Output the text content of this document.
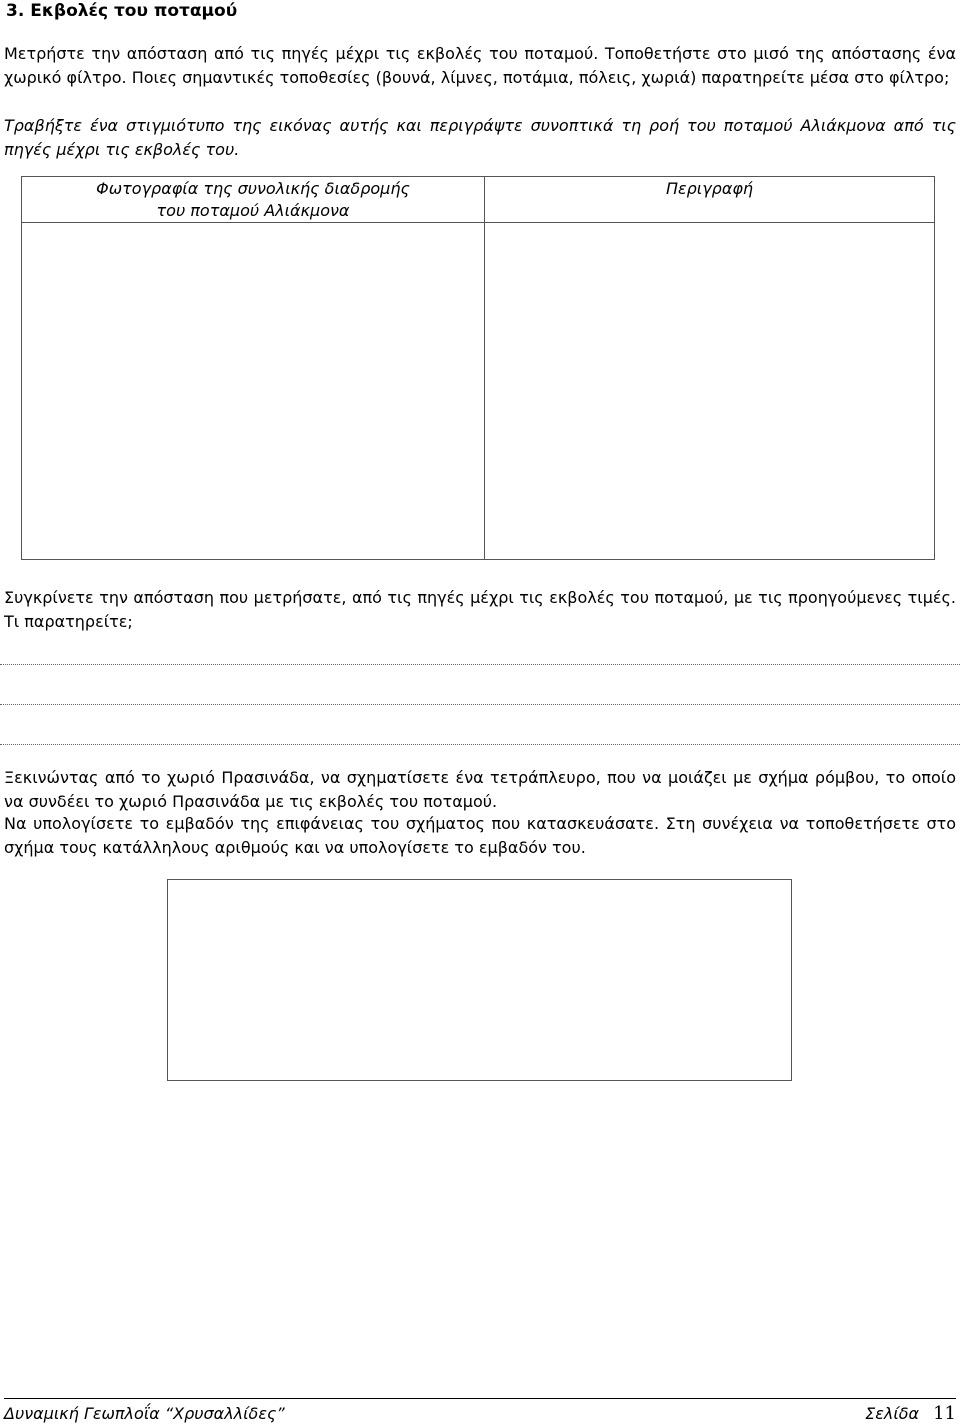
3. Εκβολές του ποταμού
Μετρήστε την απόσταση από τις πηγές μέχρι τις εκβολές του ποταμού. Τοποθετήστε στο μισό της απόστασης ένα χωρικό φίλτρο. Ποιες σημαντικές τοποθεσίες (βουνά, λίμνες, ποτάμια, πόλεις, χωριά) παρατηρείτε μέσα στο φίλτρο;
Τραβήξτε ένα στιγμιότυπο της εικόνας αυτής και περιγράψτε συνοπτικά τη ροή του ποταμού Αλιάκμονα από τις πηγές μέχρι τις εκβολές του.
Φωτογραφία της συνολικής διαδρομής
του ποταμού Αλιάκμονα
Περιγραφή
Συγκρίνετε την απόσταση που μετρήσατε, από τις πηγές μέχρι τις εκβολές του ποταμού, με τις προηγούμενες τιμές. Τι παρατηρείτε;
Ξεκινώντας από το χωριό Πρασινάδα, να σχηματίσετε ένα τετράπλευρο, που να μοιάζει με σχήμα ρόμβου, το οποίο να συνδέει το χωριό Πρασινάδα με τις εκβολές του ποταμού.
Να υπολογίσετε το εμβαδόν της επιφάνειας του σχήματος που κατασκευάσατε. Στη συνέχεια να τοποθετήσετε στο σχήμα τους κατάλληλους αριθμούς και να υπολογίσετε το εμβαδόν του.
Δυναμική Γεωπλοΐα “Χρυσαλλίδες”	Σελίδα 11
